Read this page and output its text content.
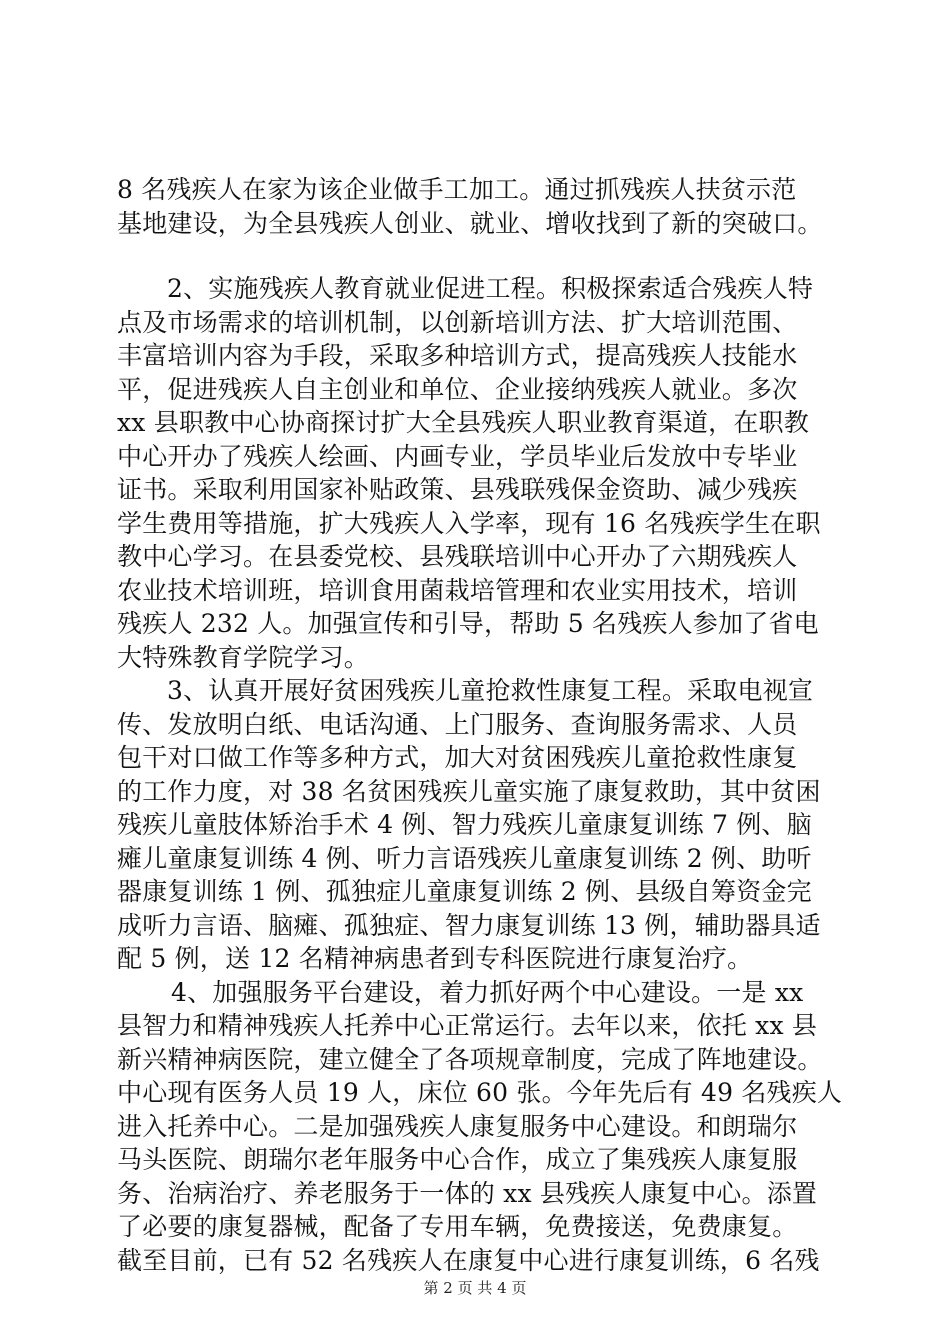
8 名残疾人在家为该企业做手工加工。通过抓残疾人扶贫示范
基地建设，为全县残疾人创业、就业、增收找到了新的突破口。
2、实施残疾人教育就业促进工程。积极探索适合残疾人特
点及市场需求的培训机制，以创新培训方法、扩大培训范围、
丰富培训内容为手段，采取多种培训方式，提高残疾人技能水
平，促进残疾人自主创业和单位、企业接纳残疾人就业。多次
xx 县职教中心协商探讨扩大全县残疾人职业教育渠道，在职教
中心开办了残疾人绘画、内画专业，学员毕业后发放中专毕业
证书。采取利用国家补贴政策、县残联残保金资助、减少残疾
学生费用等措施，扩大残疾人入学率，现有 16 名残疾学生在职
教中心学习。在县委党校、县残联培训中心开办了六期残疾人
农业技术培训班，培训食用菌栽培管理和农业实用技术，培训
残疾人 232 人。加强宣传和引导，帮助 5 名残疾人参加了省电
大特殊教育学院学习。
3、认真开展好贫困残疾儿童抢救性康复工程。采取电视宣
传、发放明白纸、电话沟通、上门服务、查询服务需求、人员
包干对口做工作等多种方式，加大对贫困残疾儿童抢救性康复
的工作力度，对 38 名贫困残疾儿童实施了康复救助，其中贫困
残疾儿童肢体矫治手术 4 例、智力残疾儿童康复训练 7 例、脑
瘫儿童康复训练 4 例、听力言语残疾儿童康复训练 2 例、助听
器康复训练 1 例、孤独症儿童康复训练 2 例、县级自筹资金完
成听力言语、脑瘫、孤独症、智力康复训练 13 例，辅助器具适
配 5 例，送 12 名精神病患者到专科医院进行康复治疗。
4、加强服务平台建设，着力抓好两个中心建设。一是 xx
县智力和精神残疾人托养中心正常运行。去年以来，依托 xx 县
新兴精神病医院，建立健全了各项规章制度，完成了阵地建设。
中心现有医务人员 19 人，床位 60 张。今年先后有 49 名残疾人
进入托养中心。二是加强残疾人康复服务中心建设。和朗瑞尔
马头医院、朗瑞尔老年服务中心合作，成立了集残疾人康复服
务、治病治疗、养老服务于一体的 xx 县残疾人康复中心。添置
了必要的康复器械，配备了专用车辆，免费接送，免费康复。
截至目前，已有 52 名残疾人在康复中心进行康复训练，6 名残
第 2 页 共 4 页
